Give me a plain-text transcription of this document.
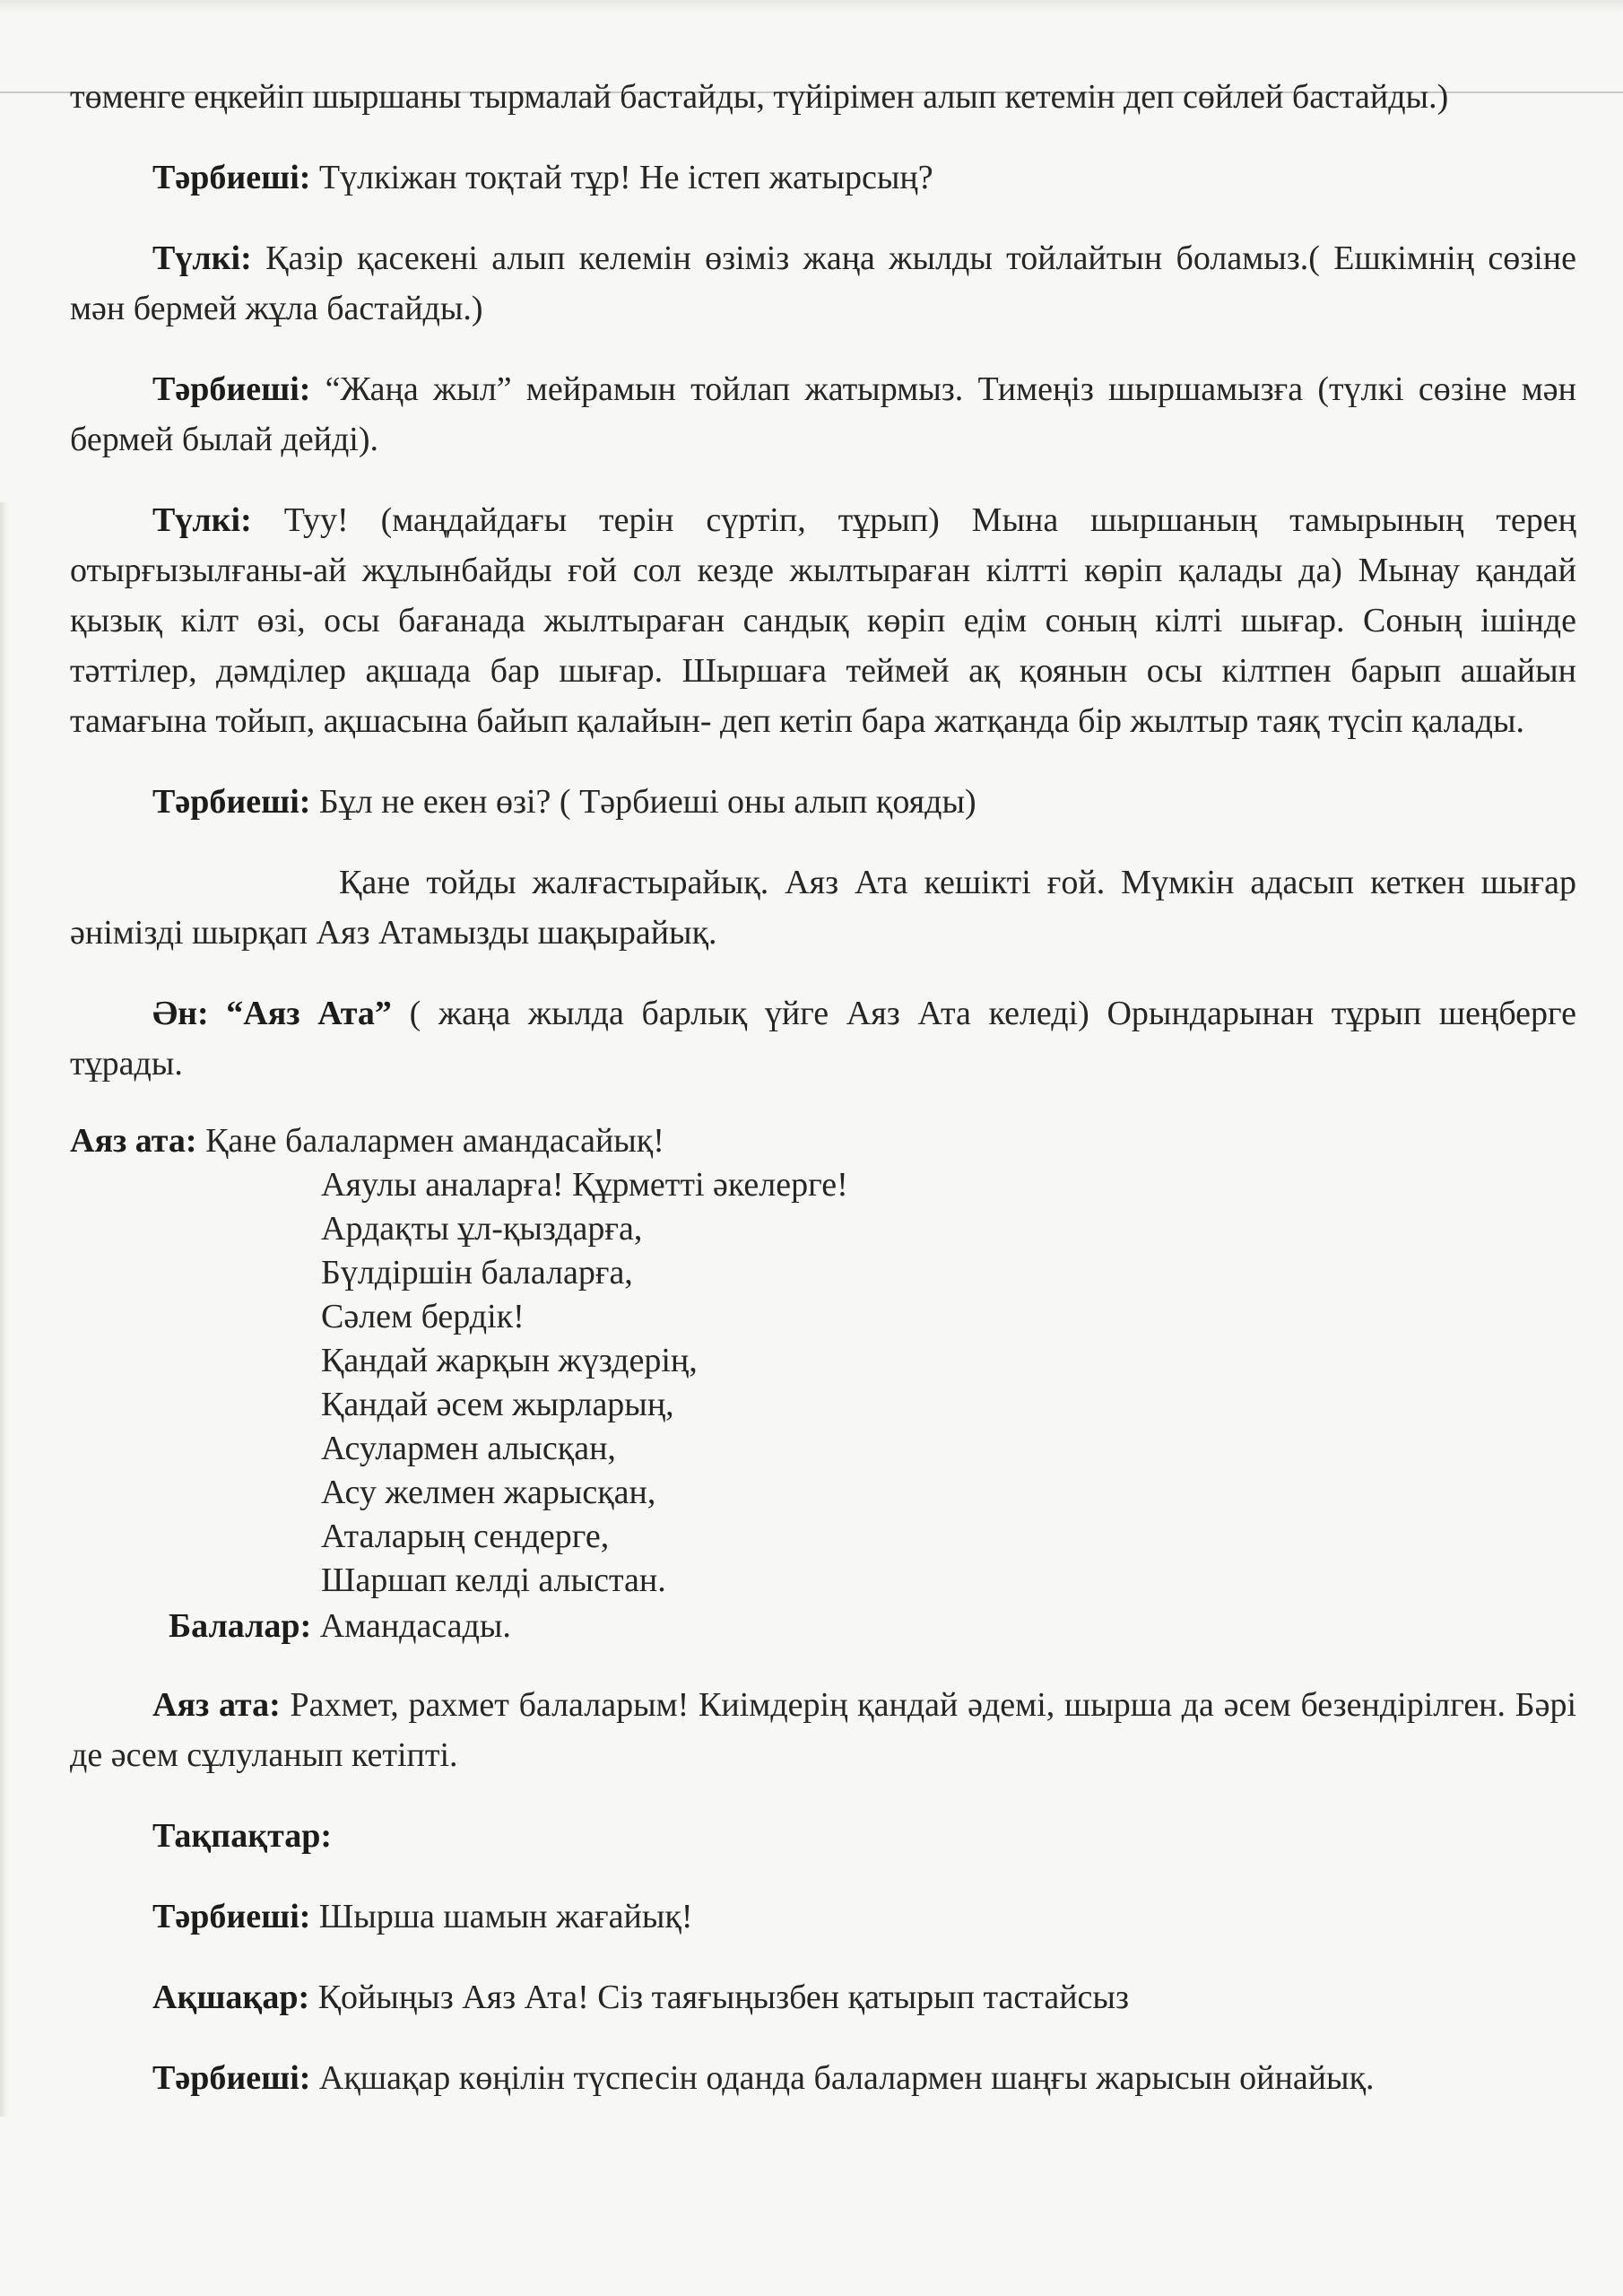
төменге еңкейіп шыршаны тырмалай бастайды, түйірімен алып кетемін деп сөйлей бастайды.)

Тәрбиеші: Түлкіжан тоқтай тұр! Не істеп жатырсың?

Түлкі: Қазір қасекені алып келемін өзіміз жаңа жылды тойлайтын боламыз.( Ешкімнің сөзіне мән бермей жұла бастайды.)

Тәрбиеші: “Жаңа жыл” мейрамын тойлап жатырмыз. Тимеңіз шыршамызға (түлкі сөзіне мән бермей былай дейді).

Түлкі: Туу! (маңдайдағы терін сүртіп, тұрып) Мына шыршаның тамырының терең отырғызылғаны-ай жұлынбайды ғой сол кезде жылтыраған кілтті көріп қалады да) Мынау қандай қызық кілт өзі, осы бағанада жылтыраған сандық көріп едім соның кілті шығар. Соның ішінде тәттілер, дәмділер ақшада бар шығар. Шыршаға теймей ақ қоянын осы кілтпен барып ашайын тамағына тойып, ақшасына байып қалайын- деп кетіп бара жатқанда бір жылтыр таяқ түсіп қалады.

Тәрбиеші: Бұл не екен өзі? ( Тәрбиеші оны алып қояды)

Қане тойды жалғастырайық. Аяз Ата кешікті ғой. Мүмкін адасып кеткен шығар әнімізді шырқап Аяз Атамызды шақырайық.

Ән: “Аяз Ата” ( жаңа жылда барлық үйге Аяз Ата келеді) Орындарынан тұрып шеңберге тұрады.

Аяз ата: Қане балалармен амандасайық!

Аяулы аналарға! Құрметті әкелерге!

Ардақты ұл-қыздарға,

Бүлдіршін балаларға,

Сәлем бердік!

Қандай жарқын жүздерің,

Қандай әсем жырларың,

Асулармен алысқан,

Асу желмен жарысқан,

Аталарың сендерге,

Шаршап келді алыстан.

Балалар: Амандасады.

Аяз ата: Рахмет, рахмет балаларым! Киімдерің қандай әдемі, шырша да әсем безендірілген. Бәрі де әсем сұлуланып кетіпті.

Тақпақтар:

Тәрбиеші: Шырша шамын жағайық!

Ақшақар: Қойыңыз Аяз Ата! Сіз таяғыңызбен қатырып тастайсыз

Тәрбиеші: Ақшақар көңілін түспесін оданда балалармен шаңғы жарысын ойнайық.
